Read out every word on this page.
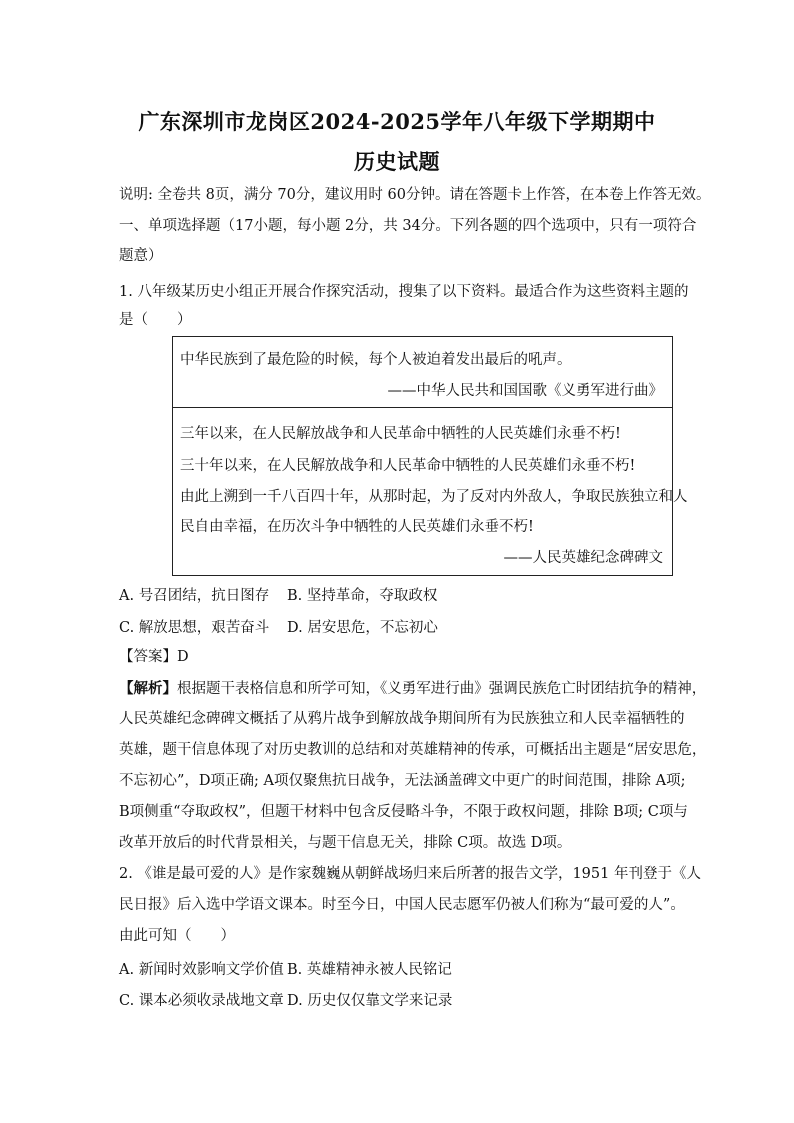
广东深圳市龙岗区2024-2025学年八年级下学期期中
历史试题
说明: 全卷共 8页，满分 70分，建议用时 60分钟。请在答题卡上作答，在本卷上作答无效。
一、单项选择题（17小题，每小题 2分，共 34分。下列各题的四个选项中，只有一项符合
题意）
1. 八年级某历史小组正开展合作探究活动，搜集了以下资料。最适合作为这些资料主题的
是（　　）
中华民族到了最危险的时候，每个人被迫着发出最后的吼声。
——中华人民共和国国歌《义勇军进行曲》
三年以来，在人民解放战争和人民革命中牺牲的人民英雄们永垂不朽!
三十年以来，在人民解放战争和人民革命中牺牲的人民英雄们永垂不朽!
由此上溯到一千八百四十年，从那时起，为了反对内外敌人，争取民族独立和人
民自由幸福，在历次斗争中牺牲的人民英雄们永垂不朽!
——人民英雄纪念碑碑文
A. 号召团结，抗日图存 B. 坚持革命，夺取政权
C. 解放思想，艰苦奋斗 D. 居安思危，不忘初心
【答案】D
【解析】根据题干表格信息和所学可知，《义勇军进行曲》强调民族危亡时团结抗争的精神，
人民英雄纪念碑碑文概括了从鸦片战争到解放战争期间所有为民族独立和人民幸福牺牲的
英雄，题干信息体现了对历史教训的总结和对英雄精神的传承，可概括出主题是“居安思危，
不忘初心”，D项正确; A项仅聚焦抗日战争，无法涵盖碑文中更广的时间范围，排除 A项;
B项侧重“夺取政权”，但题干材料中包含反侵略斗争，不限于政权问题，排除 B项; C项与
改革开放后的时代背景相关，与题干信息无关，排除 C项。故选 D项。
2. 《谁是最可爱的人》是作家魏巍从朝鲜战场归来后所著的报告文学，1951 年刊登于《人
民日报》后入选中学语文课本。时至今日，中国人民志愿军仍被人们称为“最可爱的人”。
由此可知（　　）
A. 新闻时效影响文学价值 B. 英雄精神永被人民铭记
C. 课本必须收录战地文章 D. 历史仅仅靠文学来记录
